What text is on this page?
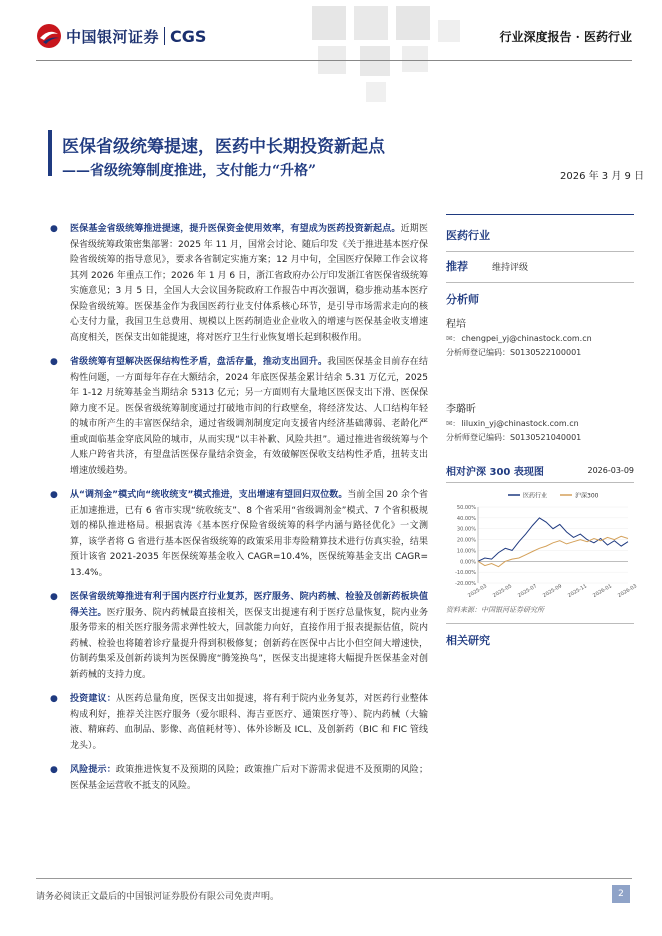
中国银河证券 CGS	行业深度报告 · 医药行业
医保省级统筹提速，医药中长期投资新起点
——省级统筹制度推进，支付能力“升格”	2026 年 3 月 9 日
● 医保基金省级统筹推进提速，提升医保资金使用效率，有望成为医药投资新起点。近期医保省级统筹政策密集部署：2025 年 11 月，国常会讨论、随后印发《关于推进基本医疗保险省级统筹的指导意见》，要求各省制定实施方案；12 月中旬，全国医疗保障工作会议将其列 2026 年重点工作；2026 年 1 月 6 日，浙江省政府办公厅印发浙江省医保省级统筹实施意见；3 月 5 日，全国人大会议国务院政府工作报告中再次强调，稳步推动基本医疗保险省级统筹。医保基金作为我国医药行业支付体系核心环节，是引导市场需求走向的核心支付力量，我国卫生总费用、规模以上医药制造业企业收入的增速与医保基金收支增速高度相关，医保支出如能提速，将对医疗卫生行业恢复增长起到积极作用。
● 省级统筹有望解决医保结构性矛盾，盘活存量，推动支出回升。我国医保基金目前存在结构性问题，一方面每年存在大额结余，2024 年底医保基金累计结余 5.31 万亿元，2025 年 1-12 月统筹基金当期结余 5313 亿元；另一方面则有大量地区医保支出下滑、医保保障力度不足。医保省级统筹制度通过打破地市间的行政壁垒，将经济发达、人口结构年轻的城市所产生的丰富医保结余，通过省级调剂制度定向支援省内经济基础薄弱、老龄化严重或面临基金穿底风险的城市，从而实现“以丰补歉、风险共担”。通过推进省级统筹与个人账户跨省共济，有望盘活医保存量结余资金，有效破解医保收支结构性矛盾，扭转支出增速放缓趋势。
● 从“调剂金”模式向“统收统支”模式推进，支出增速有望回归双位数。当前全国 20 余个省正加速推进，已有 6 省市实现“统收统支”、8 个省采用“省级调剂金”模式、7 个省积极规划的梯队推进格局。根据袁涛《基本医疗保险省级统筹的科学内涵与路径优化》一文测算，该学者将 G 省进行基本医保省级统筹的政策采用非寿险精算技术进行仿真实验，结果预计该省 2021-2035 年医保统筹基金收入 CAGR=10.4%，医保统筹基金支出 CAGR=13.4%。
● 医保省级统筹推进有利于国内医疗行业复苏，医疗服务、院内药械、检验及创新药板块值得关注。医疗服务、院内药械最直接相关，医保支出提速有利于医疗总量恢复，院内业务服务带来的相关医疗服务需求弹性较大，回款能力向好，直接作用于报表提振估值，院内药械、检验也将随着诊疗量提升得到积极修复；创新药在医保中占比小但空间大增速快，仿制药集采及创新药谈判为医保腾度“腾笼换鸟”，医保支出提速将大幅提升医保基金对创新药械的支持力度。
● 投资建议：从医药总量角度，医保支出如提速，将有利于院内业务复苏，对医药行业整体构成利好，推荐关注医疗服务（爱尔眼科、海吉亚医疗、通策医疗等）、院内药械（大输液、精麻药、血制品、影像、高值耗材等）、体外诊断及 ICL、及创新药（BIC 和 FIC 管线龙头）。
● 风险提示：政策推进恢复不及预期的风险；政策推广后对下游需求促进不及预期的风险；医保基金运营收不抵支的风险。
医药行业
推荐	维持评级
分析师
程培
✉: chengpei_yj@chinastock.com.cn
分析师登记编码：S0130522100001
李璐昕
✉: liluxin_yj@chinastock.com.cn
分析师登记编码：S0130521040001
相对沪深 300 表现图	2026-03-09
医药行业	沪深300
50.00%
40.00%
30.00%
20.00%
10.00%
0.00%
-10.00%
-20.00%
2025-03 2025-05 2025-07 2025-09 2025-11 2026-01 2026-03
资料来源：中国银河证券研究所
相关研究
请务必阅读正文最后的中国银河证券股份有限公司免责声明。	2
